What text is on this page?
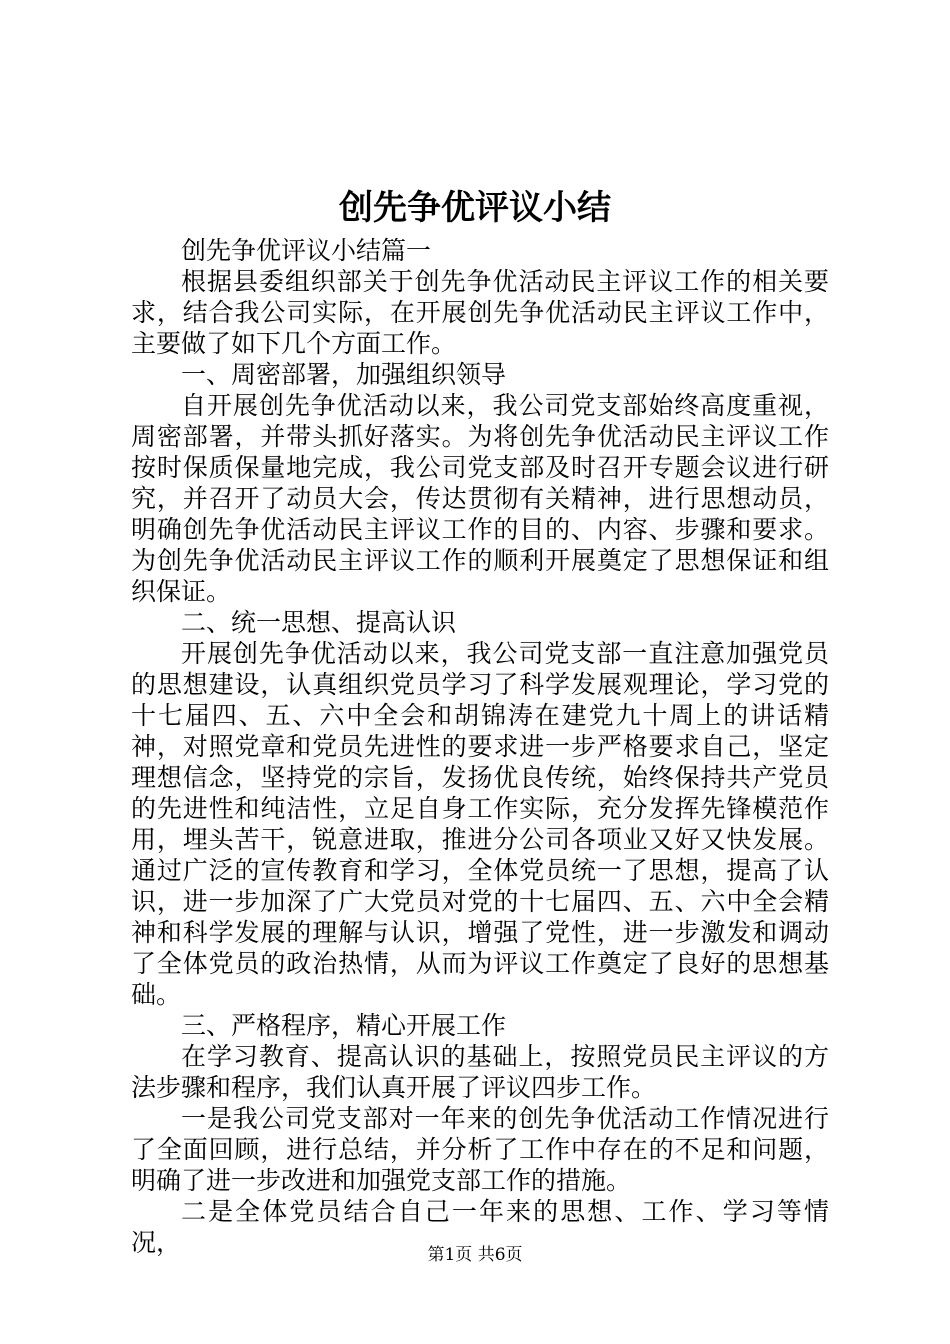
创先争优评议小结

创先争优评议小结篇一

根据县委组织部关于创先争优活动民主评议工作的相关要求，结合我公司实际，在开展创先争优活动民主评议工作中，主要做了如下几个方面工作。

一、周密部署，加强组织领导

自开展创先争优活动以来，我公司党支部始终高度重视，周密部署，并带头抓好落实。为将创先争优活动民主评议工作按时保质保量地完成，我公司党支部及时召开专题会议进行研究，并召开了动员大会，传达贯彻有关精神，进行思想动员，明确创先争优活动民主评议工作的目的、内容、步骤和要求。为创先争优活动民主评议工作的顺利开展奠定了思想保证和组织保证。

二、统一思想、提高认识

开展创先争优活动以来，我公司党支部一直注意加强党员的思想建设，认真组织党员学习了科学发展观理论，学习党的十七届四、五、六中全会和胡锦涛在建党九十周上的讲话精神，对照党章和党员先进性的要求进一步严格要求自己，坚定理想信念，坚持党的宗旨，发扬优良传统，始终保持共产党员的先进性和纯洁性，立足自身工作实际，充分发挥先锋模范作用，埋头苦干，锐意进取，推进分公司各项业又好又快发展。通过广泛的宣传教育和学习，全体党员统一了思想，提高了认识，进一步加深了广大党员对党的十七届四、五、六中全会精神和科学发展的理解与认识，增强了党性，进一步激发和调动了全体党员的政治热情，从而为评议工作奠定了良好的思想基础。

三、严格程序，精心开展工作

在学习教育、提高认识的基础上，按照党员民主评议的方法步骤和程序，我们认真开展了评议四步工作。

一是我公司党支部对一年来的创先争优活动工作情况进行了全面回顾，进行总结，并分析了工作中存在的不足和问题，明确了进一步改进和加强党支部工作的措施。

二是全体党员结合自己一年来的思想、工作、学习等情况，	第1页 共6页
